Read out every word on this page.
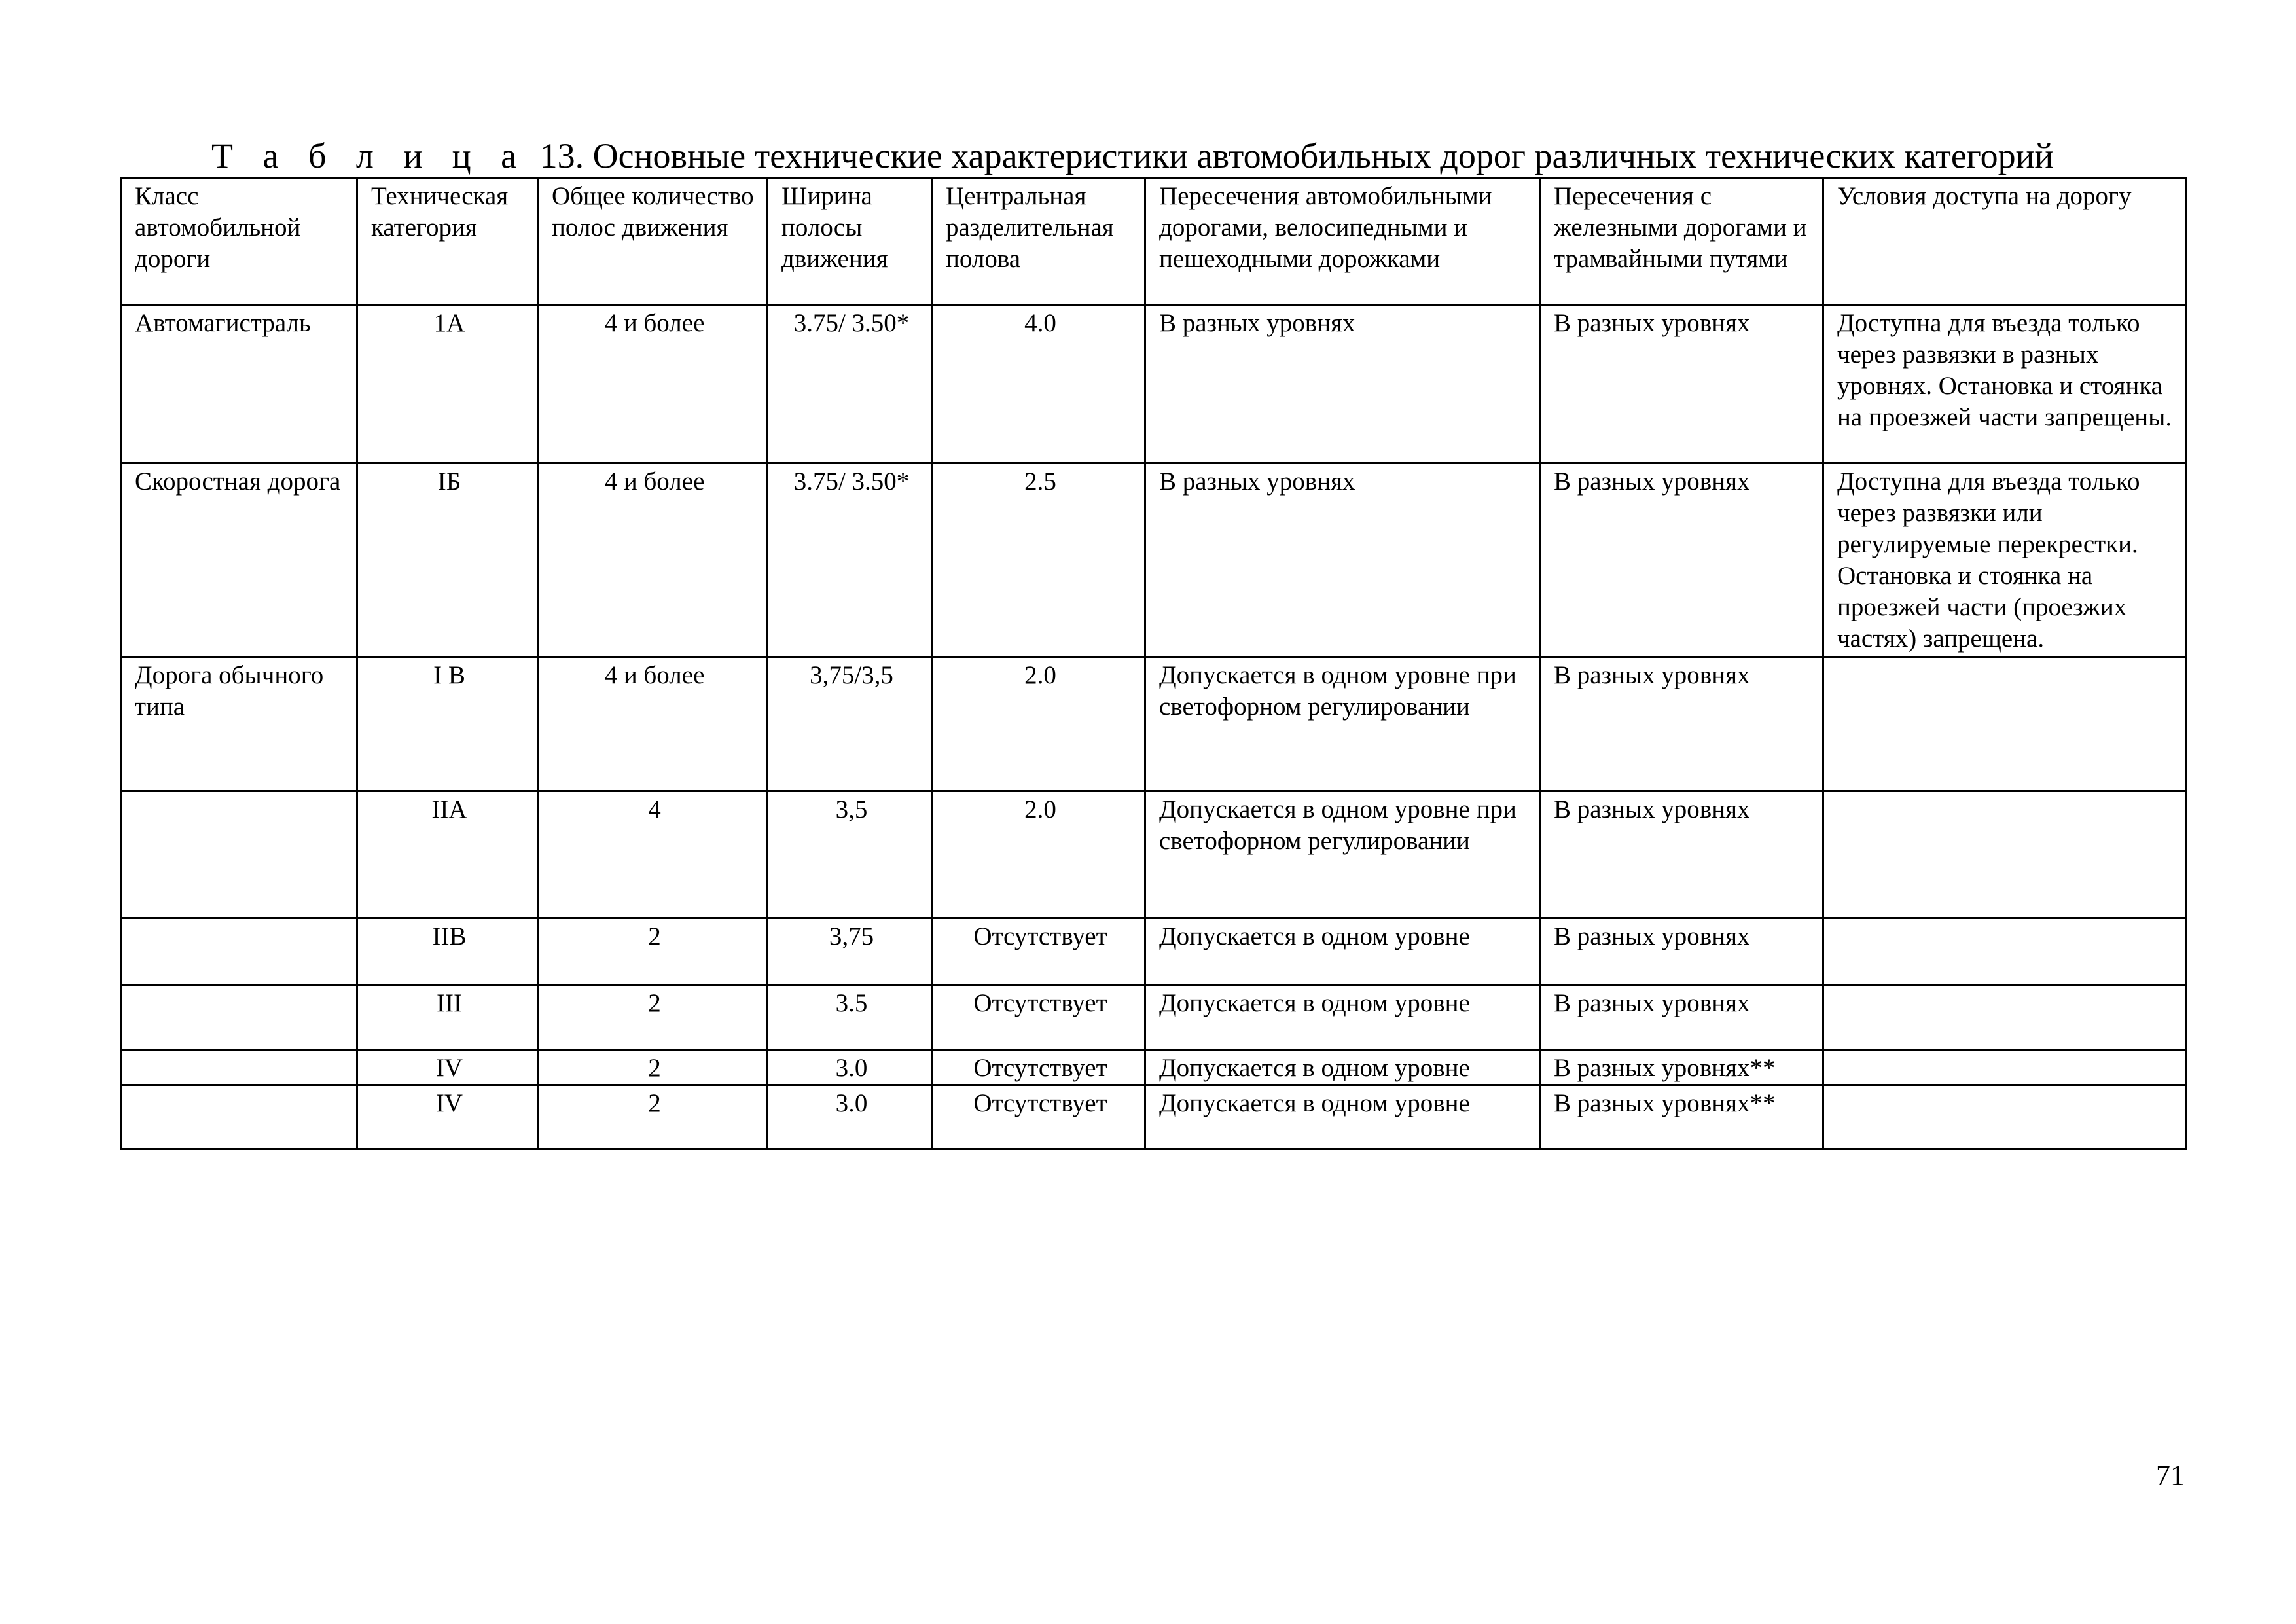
Т а б л и ц а 13. Основные технические характеристики автомобильных дорог различных технических категорий
Класс автомобильной дороги	Техническая категория	Общее количество полос движения	Ширина полосы движения	Центральная разделительная полова	Пересечения автомобильными дорогами, велосипедными и пешеходными дорожками	Пересечения с железными дорогами и трамвайными путями	Условия доступа на дорогу
Автомагистраль	1А	4 и более	3.75/ 3.50*	4.0	В разных уровнях	В разных уровнях	Доступна для въезда только через развязки в разных уровнях. Остановка и стоянка на проезжей части запрещены.
Скоростная дорога	IБ	4 и более	3.75/ 3.50*	2.5	В разных уровнях	В разных уровнях	Доступна для въезда только через развязки или регулируемые перекрестки. Остановка и стоянка на проезжей части (проезжих частях) запрещена.
Дорога обычного типа	I В	4 и более	3,75/3,5	2.0	Допускается в одном уровне при светофорном регулировании	В разных уровнях	
	IIА	4	3,5	2.0	Допускается в одном уровне при светофорном регулировании	В разных уровнях	
	IIВ	2	3,75	Отсутствует	Допускается в одном уровне	В разных уровнях	
	III	2	3.5	Отсутствует	Допускается в одном уровне	В разных уровнях	
	IV	2	3.0	Отсутствует	Допускается в одном уровне	В разных уровнях**	
	IV	2	3.0	Отсутствует	Допускается в одном уровне	В разных уровнях**	
71
